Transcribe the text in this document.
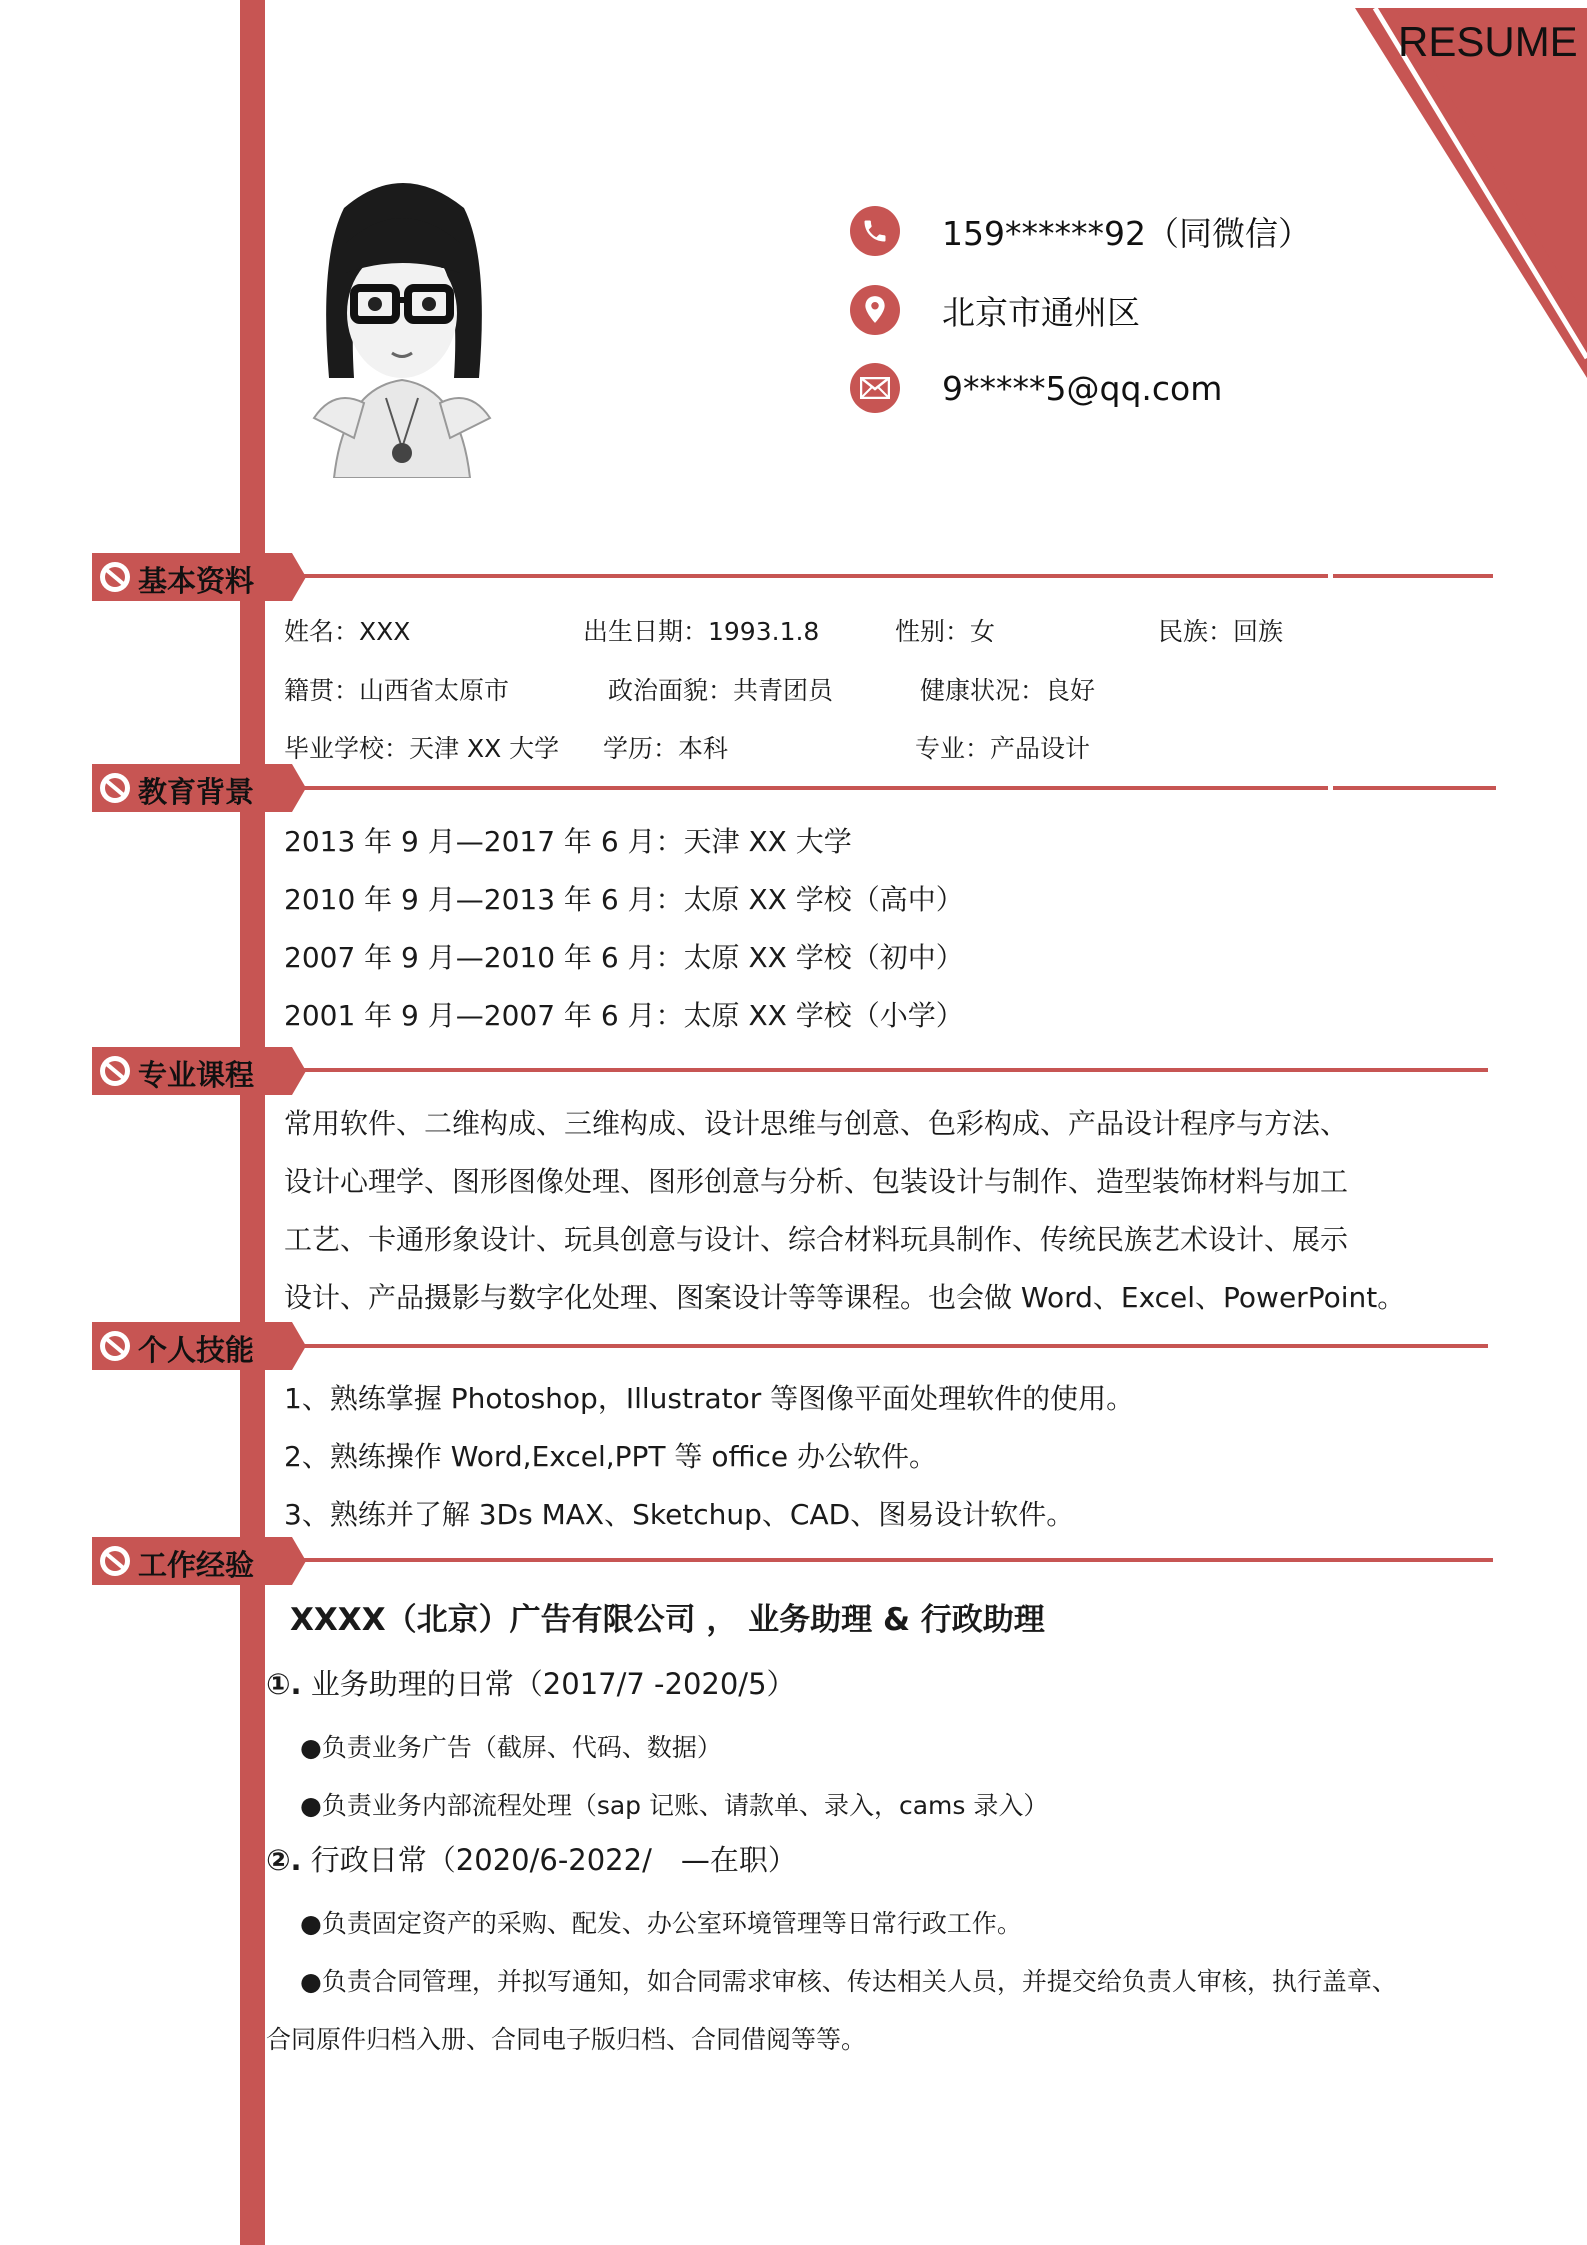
RESUME
159******92（同微信）
北京市通州区
9*****5@qq.com
基本资料
姓名：XXX	出生日期：1993.1.8	性别：女	民族：回族
籍贯：山西省太原市	政治面貌：共青团员	健康状况：良好
毕业学校：天津 XX 大学 学历：本科	专业：产品设计
教育背景
2013 年 9 月—2017 年 6 月：天津 XX 大学
2010 年 9 月—2013 年 6 月：太原 XX 学校（高中）
2007 年 9 月—2010 年 6 月：太原 XX 学校（初中）
2001 年 9 月—2007 年 6 月：太原 XX 学校（小学）
专业课程
常用软件、二维构成、三维构成、设计思维与创意、色彩构成、产品设计程序与方法、
设计心理学、图形图像处理、图形创意与分析、包装设计与制作、造型装饰材料与加工
工艺、卡通形象设计、玩具创意与设计、综合材料玩具制作、传统民族艺术设计、展示
设计、产品摄影与数字化处理、图案设计等等课程。也会做 Word、Excel、PowerPoint。
个人技能
1、熟练掌握 Photoshop，Illustrator 等图像平面处理软件的使用。
2、熟练操作 Word,Excel,PPT 等 office 办公软件。
3、熟练并了解 3Ds MAX、Sketchup、CAD、图易设计软件。
工作经验
XXXX（北京）广告有限公司 ， 业务助理 & 行政助理
①. 业务助理的日常（2017/7 -2020/5）
●负责业务广告（截屏、代码、数据）
●负责业务内部流程处理（sap 记账、请款单、录入，cams 录入）
②. 行政日常（2020/6-2022/　—在职）
●负责固定资产的采购、配发、办公室环境管理等日常行政工作。
●负责合同管理，并拟写通知，如合同需求审核、传达相关人员，并提交给负责人审核，执行盖章、
合同原件归档入册、合同电子版归档、合同借阅等等。
